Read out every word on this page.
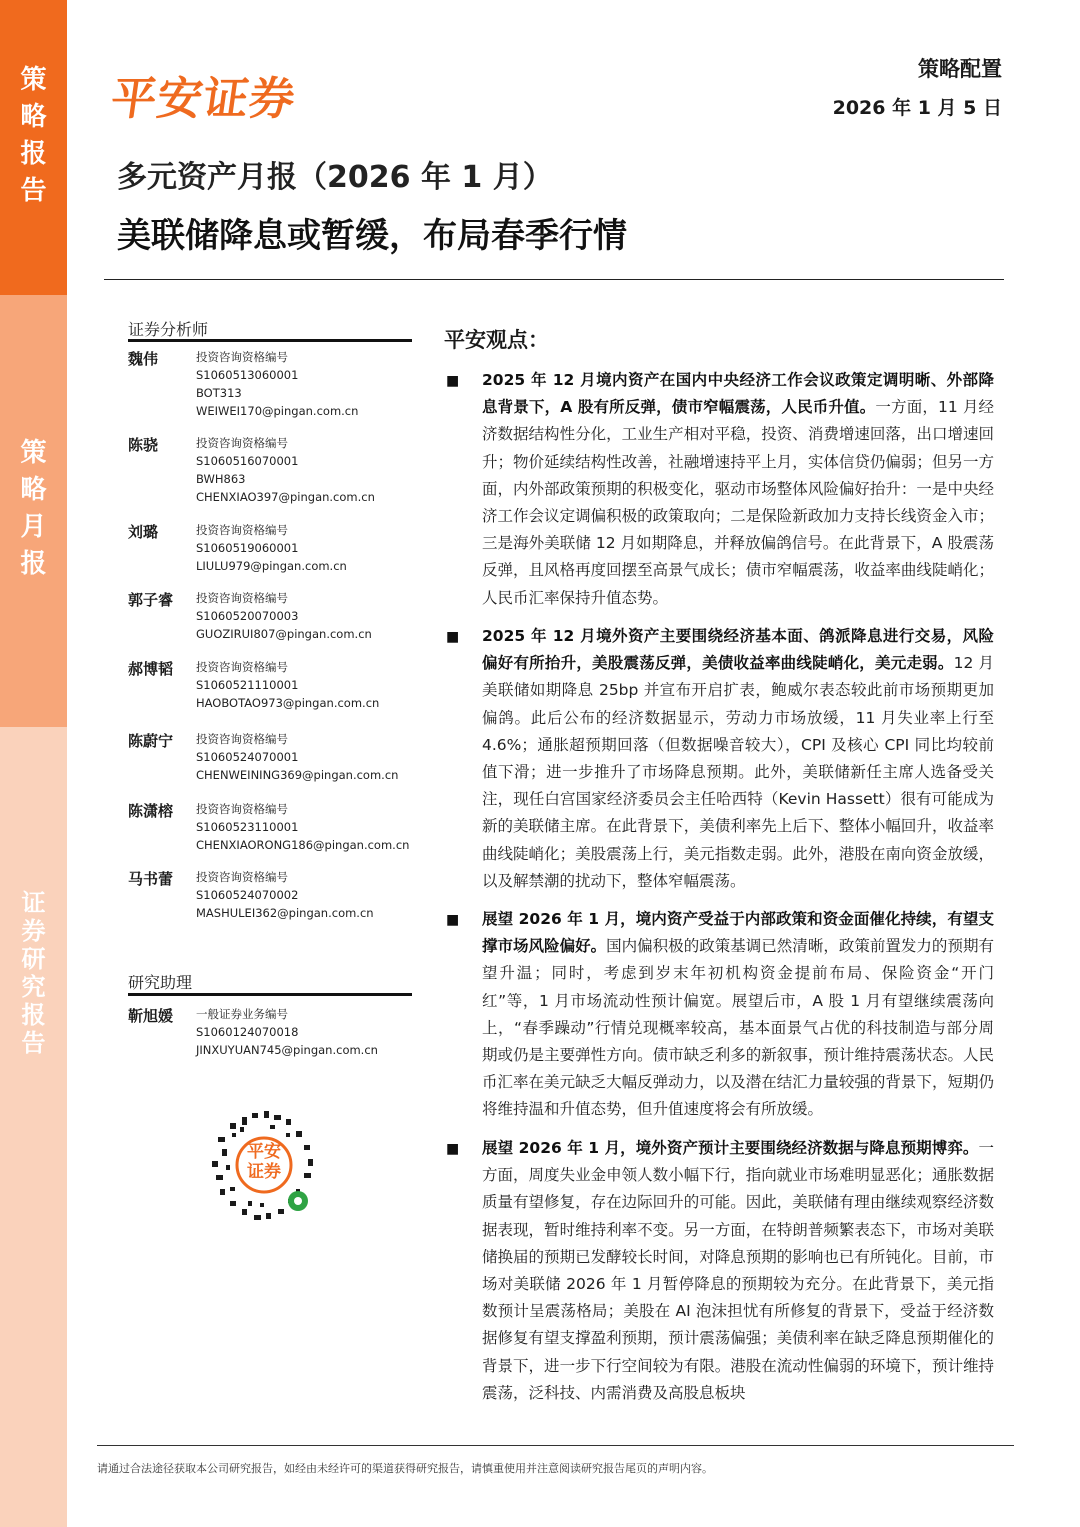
策
略
报
告
策
略
月
报
证
券
研
究
报
告
平安证券
策略配置
2026 年 1 月 5 日
多元资产月报（2026 年 1 月）
美联储降息或暂缓，布局春季行情
证券分析师
魏伟	投资咨询资格编号
S1060513060001
BOT313
WEIWEI170@pingan.com.cn
陈骁	投资咨询资格编号
S1060516070001
BWH863
CHENXIAO397@pingan.com.cn
刘璐	投资咨询资格编号
S1060519060001
LIULU979@pingan.com.cn
郭子睿 投资咨询资格编号
S1060520070003
GUOZIRUI807@pingan.com.cn
郝博韬 投资咨询资格编号
S1060521110001
HAOBOTAO973@pingan.com.cn
陈蔚宁 投资咨询资格编号
S1060524070001
CHENWEINING369@pingan.com.cn
陈潇榕 投资咨询资格编号
S1060523110001
CHENXIAORONG186@pingan.com.cn
马书蕾 投资咨询资格编号
S1060524070002
MASHULEI362@pingan.com.cn
研究助理
靳旭媛 一般证券业务编号
S1060124070018
JINXUYUAN745@pingan.com.cn
平安证券
平安观点：
■ 2025 年 12 月境内资产在国内中央经济工作会议政策定调明晰、外部降息背景下，A 股有所反弹，债市窄幅震荡，人民币升值。一方面，11 月经济数据结构性分化，工业生产相对平稳，投资、消费增速回落，出口增速回升；物价延续结构性改善，社融增速持平上月，实体信贷仍偏弱；但另一方面，内外部政策预期的积极变化，驱动市场整体风险偏好抬升：一是中央经济工作会议定调偏积极的政策取向；二是保险新政加力支持长线资金入市；三是海外美联储 12 月如期降息，并释放偏鸽信号。在此背景下，A 股震荡反弹，且风格再度回摆至高景气成长；债市窄幅震荡，收益率曲线陡峭化；人民币汇率保持升值态势。
■ 2025 年 12 月境外资产主要围绕经济基本面、鸽派降息进行交易，风险偏好有所抬升，美股震荡反弹，美债收益率曲线陡峭化，美元走弱。12 月美联储如期降息 25bp 并宣布开启扩表，鲍威尔表态较此前市场预期更加偏鸽。此后公布的经济数据显示，劳动力市场放缓，11 月失业率上行至 4.6%；通胀超预期回落（但数据噪音较大），CPI 及核心 CPI 同比均较前值下滑；进一步推升了市场降息预期。此外，美联储新任主席人选备受关注，现任白宫国家经济委员会主任哈西特（Kevin Hassett）很有可能成为新的美联储主席。在此背景下，美债利率先上后下、整体小幅回升，收益率曲线陡峭化；美股震荡上行，美元指数走弱。此外，港股在南向资金放缓，以及解禁潮的扰动下，整体窄幅震荡。
■ 展望 2026 年 1 月，境内资产受益于内部政策和资金面催化持续，有望支撑市场风险偏好。国内偏积极的政策基调已然清晰，政策前置发力的预期有望升温；同时，考虑到岁末年初机构资金提前布局、保险资金“开门红”等，1 月市场流动性预计偏宽。展望后市，A 股 1 月有望继续震荡向上，“春季躁动”行情兑现概率较高，基本面景气占优的科技制造与部分周期或仍是主要弹性方向。债市缺乏利多的新叙事，预计维持震荡状态。人民币汇率在美元缺乏大幅反弹动力，以及潜在结汇力量较强的背景下，短期仍将维持温和升值态势，但升值速度将会有所放缓。
■ 展望 2026 年 1 月，境外资产预计主要围绕经济数据与降息预期博弈。一方面，周度失业金申领人数小幅下行，指向就业市场难明显恶化；通胀数据质量有望修复，存在边际回升的可能。因此，美联储有理由继续观察经济数据表现，暂时维持利率不变。另一方面，在特朗普频繁表态下，市场对美联储换届的预期已发酵较长时间，对降息预期的影响也已有所钝化。目前，市场对美联储 2026 年 1 月暂停降息的预期较为充分。在此背景下，美元指数预计呈震荡格局；美股在 AI 泡沫担忧有所修复的背景下，受益于经济数据修复有望支撑盈利预期，预计震荡偏强；美债利率在缺乏降息预期催化的背景下，进一步下行空间较为有限。港股在流动性偏弱的环境下，预计维持震荡，泛科技、内需消费及高股息板块
请通过合法途径获取本公司研究报告，如经由未经许可的渠道获得研究报告，请慎重使用并注意阅读研究报告尾页的声明内容。
